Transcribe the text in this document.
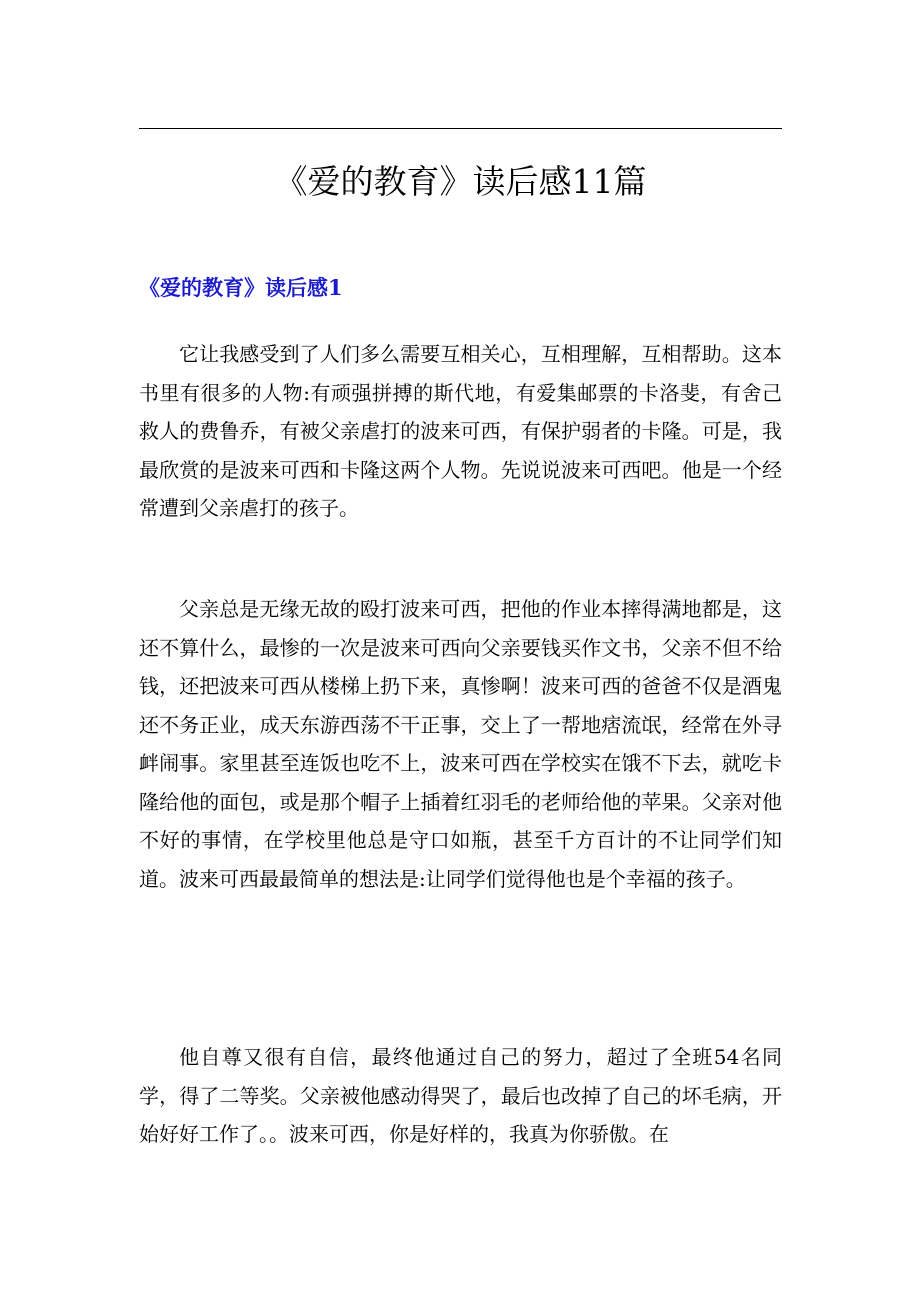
《爱的教育》读后感11篇
《爱的教育》读后感1

它让我感受到了人们多么需要互相关心，互相理解，互相帮助。这本书里有很多的人物:有顽强拼搏的斯代地，有爱集邮票的卡洛斐，有舍己救人的费鲁乔，有被父亲虐打的波来可西，有保护弱者的卡隆。可是，我最欣赏的是波来可西和卡隆这两个人物。先说说波来可西吧。他是一个经常遭到父亲虐打的孩子。

父亲总是无缘无故的殴打波来可西，把他的作业本摔得满地都是，这还不算什么，最惨的一次是波来可西向父亲要钱买作文书，父亲不但不给钱，还把波来可西从楼梯上扔下来，真惨啊！波来可西的爸爸不仅是酒鬼还不务正业，成天东游西荡不干正事，交上了一帮地痞流氓，经常在外寻衅闹事。家里甚至连饭也吃不上，波来可西在学校实在饿不下去，就吃卡隆给他的面包，或是那个帽子上插着红羽毛的老师给他的苹果。父亲对他不好的事情，在学校里他总是守口如瓶，甚至千方百计的不让同学们知道。波来可西最最简单的想法是:让同学们觉得他也是个幸福的孩子。

他自尊又很有自信，最终他通过自己的努力，超过了全班54名同学，得了二等奖。父亲被他感动得哭了，最后也改掉了自己的坏毛病，开始好好工作了。。波来可西，你是好样的，我真为你骄傲。在
